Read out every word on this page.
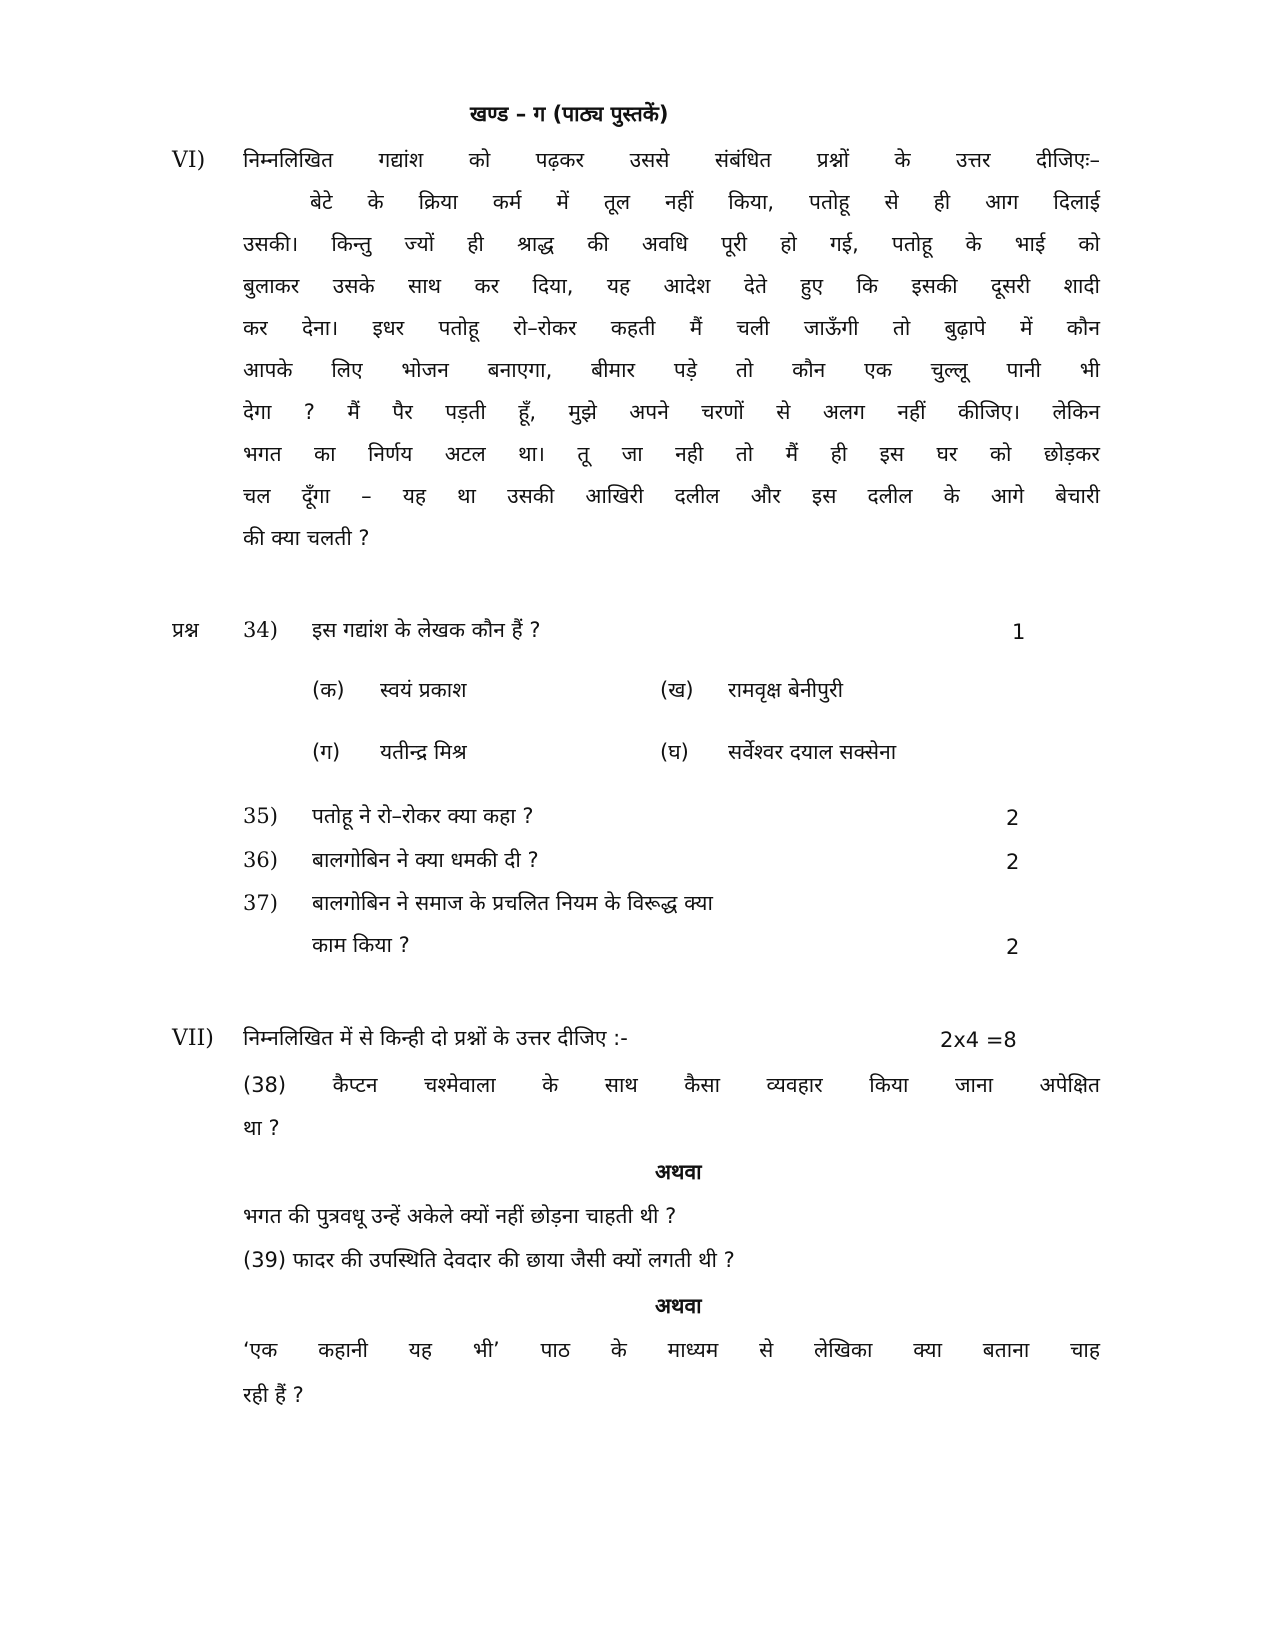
खण्ड – ग (पाठ्य पुस्तकें)
VI) निम्नलिखित गद्यांश को पढ़कर उससे संबंधित प्रश्नों के उत्तर दीजिएः–
बेटे के क्रिया कर्म में तूल नहीं किया, पतोहू से ही आग दिलाई
उसकी। किन्तु ज्यों ही श्राद्ध की अवधि पूरी हो गई, पतोहू के भाई को
बुलाकर उसके साथ कर दिया, यह आदेश देते हुए कि इसकी दूसरी शादी
कर देना। इधर पतोहू रो–रोकर कहती मैं चली जाऊँगी तो बुढ़ापे में कौन
आपके लिए भोजन बनाएगा, बीमार पड़े तो कौन एक चुल्लू पानी भी
देगा ? मैं पैर पड़ती हूँ, मुझे अपने चरणों से अलग नहीं कीजिए। लेकिन
भगत का निर्णय अटल था। तू जा नही तो मैं ही इस घर को छोड़कर
चल दूँगा – यह था उसकी आखिरी दलील और इस दलील के आगे बेचारी
की क्या चलती ?
प्रश्न 34) इस गद्यांश के लेखक कौन हैं ?	1
(क) स्वयं प्रकाश	(ख) रामवृक्ष बेनीपुरी
(ग) यतीन्द्र मिश्र	(घ) सर्वेश्वर दयाल सक्सेना
35) पतोहू ने रो–रोकर क्या कहा ?	2
36) बालगोबिन ने क्या धमकी दी ?	2
37) बालगोबिन ने समाज के प्रचलित नियम के विरूद्ध क्या
काम किया ?	2
VII) निम्नलिखित में से किन्ही दो प्रश्नों के उत्तर दीजिए :-	2x4 =8
(38) कैप्टन चश्मेवाला के साथ कैसा व्यवहार किया जाना अपेक्षित
था ?
अथवा
भगत की पुत्रवधू उन्हें अकेले क्यों नहीं छोड़ना चाहती थी ?
(39) फादर की उपस्थिति देवदार की छाया जैसी क्यों लगती थी ?
अथवा
‘एक कहानी यह भी’ पाठ के माध्यम से लेखिका क्या बताना चाह
रही हैं ?
